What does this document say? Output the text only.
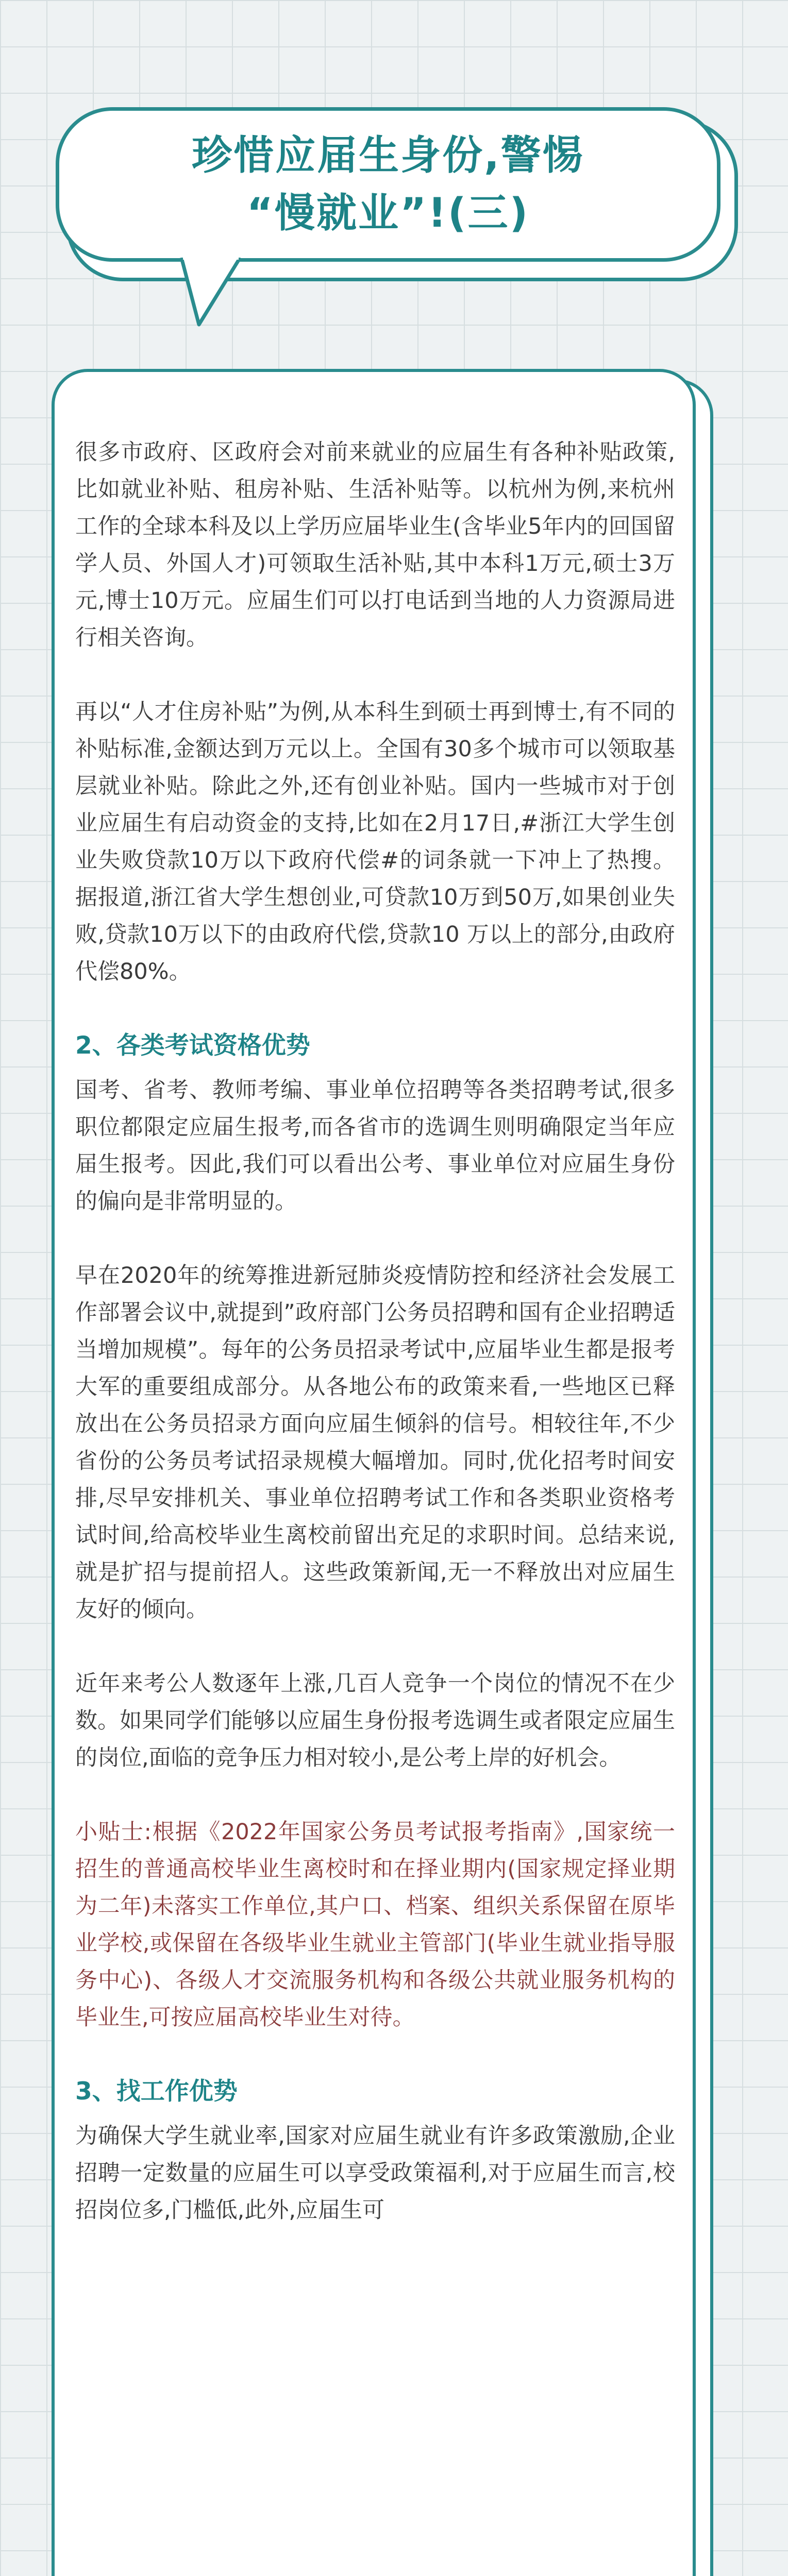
珍惜应届生身份,警惕
“慢就业”!(三)

很多市政府、区政府会对前来就业的应届生有各种补贴政策,比如就业补贴、租房补贴、生活补贴等。以杭州为例,来杭州工作的全球本科及以上学历应届毕业生(含毕业5年内的回国留学人员、外国人才)可领取生活补贴,其中本科1万元,硕士3万元,博士10万元。应届生们可以打电话到当地的人力资源局进行相关咨询。

再以“人才住房补贴”为例,从本科生到硕士再到博士,有不同的补贴标准,金额达到万元以上。全国有30多个城市可以领取基层就业补贴。除此之外,还有创业补贴。国内一些城市对于创业应届生有启动资金的支持,比如在2月17日,#浙江大学生创业失败贷款10万以下政府代偿#的词条就一下冲上了热搜。据报道,浙江省大学生想创业,可贷款10万到50万,如果创业失败,贷款10万以下的由政府代偿,贷款10 万以上的部分,由政府代偿80%。

2、各类考试资格优势

国考、省考、教师考编、事业单位招聘等各类招聘考试,很多职位都限定应届生报考,而各省市的选调生则明确限定当年应届生报考。因此,我们可以看出公考、事业单位对应届生身份的偏向是非常明显的。

早在2020年的统筹推进新冠肺炎疫情防控和经济社会发展工作部署会议中,就提到”政府部门公务员招聘和国有企业招聘适当增加规模”。每年的公务员招录考试中,应届毕业生都是报考大军的重要组成部分。从各地公布的政策来看,一些地区已释放出在公务员招录方面向应届生倾斜的信号。相较往年,不少省份的公务员考试招录规模大幅增加。同时,优化招考时间安排,尽早安排机关、事业单位招聘考试工作和各类职业资格考试时间,给高校毕业生离校前留出充足的求职时间。总结来说,就是扩招与提前招人。这些政策新闻,无一不释放出对应届生友好的倾向。

近年来考公人数逐年上涨,几百人竞争一个岗位的情况不在少数。如果同学们能够以应届生身份报考选调生或者限定应届生的岗位,面临的竞争压力相对较小,是公考上岸的好机会。

小贴士:根据《2022年国家公务员考试报考指南》,国家统一招生的普通高校毕业生离校时和在择业期内(国家规定择业期为二年)未落实工作单位,其户口、档案、组织关系保留在原毕业学校,或保留在各级毕业生就业主管部门(毕业生就业指导服务中心)、各级人才交流服务机构和各级公共就业服务机构的毕业生,可按应届高校毕业生对待。

3、找工作优势

为确保大学生就业率,国家对应届生就业有许多政策激励,企业招聘一定数量的应届生可以享受政策福利,对于应届生而言,校招岗位多,门槛低,此外,应届生可
